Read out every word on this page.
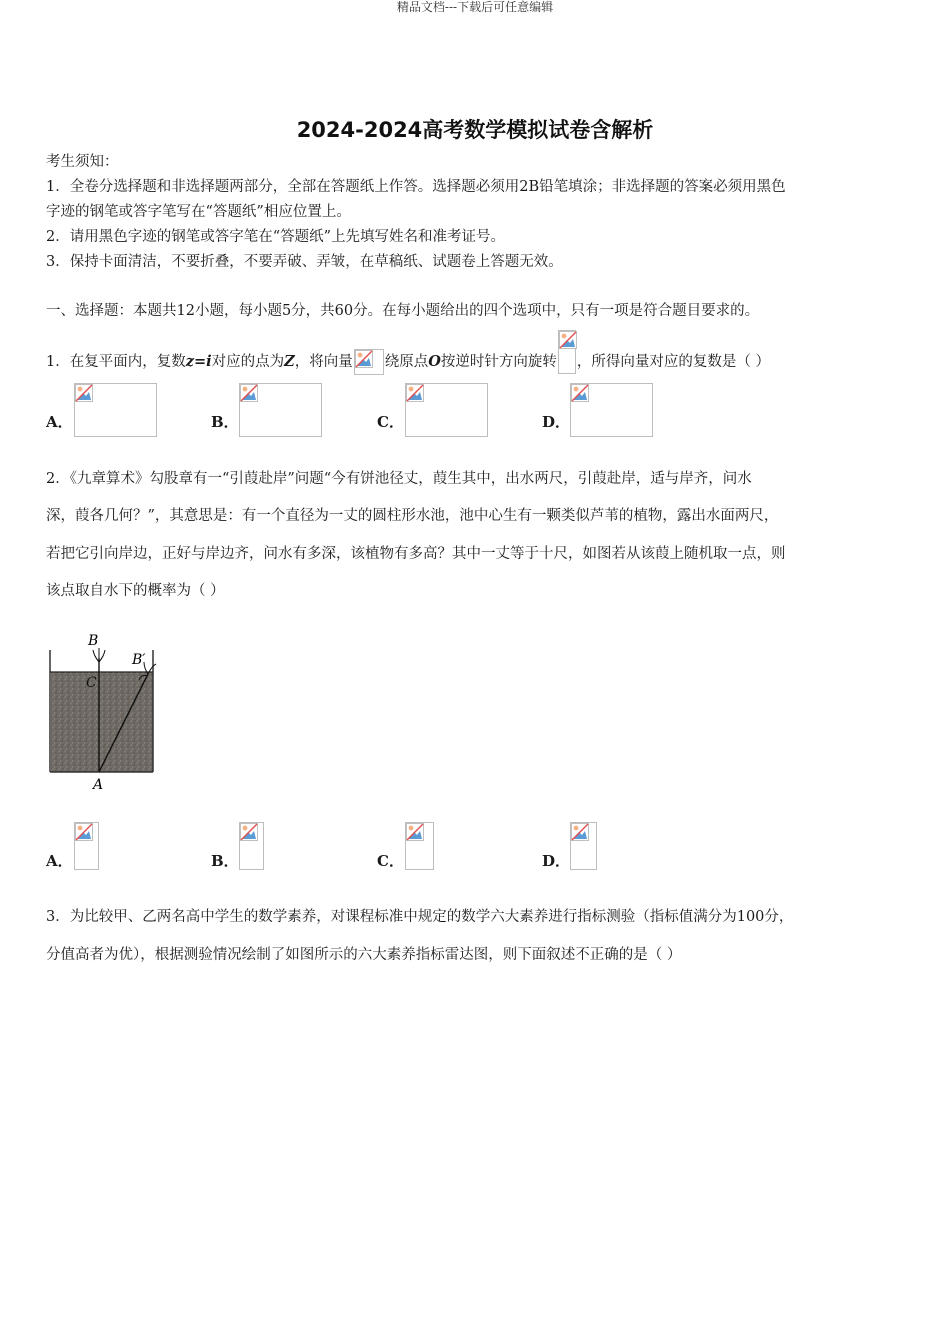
精品文档---下载后可任意编辑
2024-2024高考数学模拟试卷含解析
考生须知：
1．全卷分选择题和非选择题两部分，全部在答题纸上作答。选择题必须用2B铅笔填涂；非选择题的答案必须用黑色
字迹的钢笔或答字笔写在“答题纸”相应位置上。
2．请用黑色字迹的钢笔或答字笔在“答题纸”上先填写姓名和准考证号。
3．保持卡面清洁，不要折叠，不要弄破、弄皱，在草稿纸、试题卷上答题无效。
一、选择题：本题共12小题，每小题5分，共60分。在每小题给出的四个选项中，只有一项是符合题目要求的。
1．在复平面内，复数z=i对应的点为Z，将向量 绕原点O按逆时针方向旋转 ，所得向量对应的复数是（ ）
A．	B．	C．	D．
2．《九章算术》勾股章有一“引葭赴岸”问题“今有饼池径丈，葭生其中，出水两尺，引葭赴岸，适与岸齐，问水
深，葭各几何？”，其意思是：有一个直径为一丈的圆柱形水池，池中心生有一颗类似芦苇的植物，露出水面两尺，
若把它引向岸边，正好与岸边齐，问水有多深，该植物有多高？其中一丈等于十尺，如图若从该葭上随机取一点，则
该点取自水下的概率为（ ）
B
B′
C
A
A．	B．	C．	D．
3．为比较甲、乙两名高中学生的数学素养，对课程标准中规定的数学六大素养进行指标测验（指标值满分为100分，
分值高者为优），根据测验情况绘制了如图所示的六大素养指标雷达图，则下面叙述不正确的是（ ）
